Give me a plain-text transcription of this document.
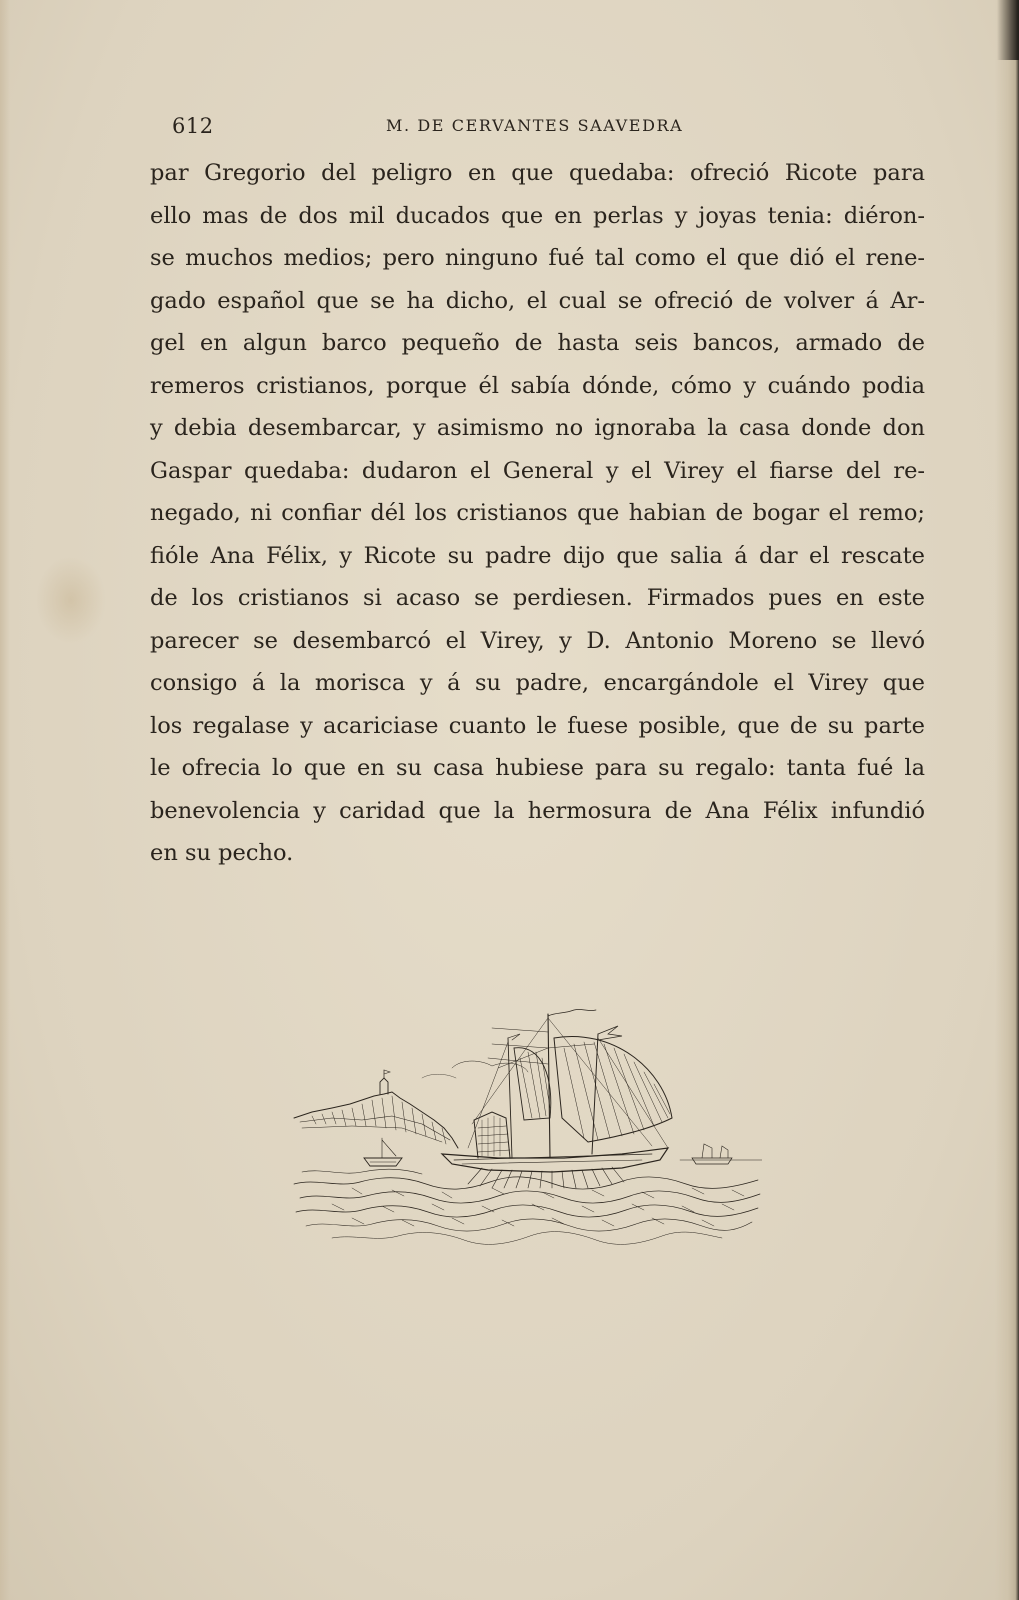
612	M. DE CERVANTES SAAVEDRA
par Gregorio del peligro en que quedaba: ofreció Ricote para
ello mas de dos mil ducados que en perlas y joyas tenia: diéron-
se muchos medios; pero ninguno fué tal como el que dió el rene-
gado español que se ha dicho, el cual se ofreció de volver á Ar-
gel en algun barco pequeño de hasta seis bancos, armado de
remeros cristianos, porque él sabía dónde, cómo y cuándo podia
y debia desembarcar, y asimismo no ignoraba la casa donde don
Gaspar quedaba: dudaron el General y el Virey el fiarse del re-
negado, ni confiar dél los cristianos que habian de bogar el remo;
fióle Ana Félix, y Ricote su padre dijo que salia á dar el rescate
de los cristianos si acaso se perdiesen. Firmados pues en este
parecer se desembarcó el Virey, y D. Antonio Moreno se llevó
consigo á la morisca y á su padre, encargándole el Virey que
los regalase y acariciase cuanto le fuese posible, que de su parte
le ofrecia lo que en su casa hubiese para su regalo: tanta fué la
benevolencia y caridad que la hermosura de Ana Félix infundió
en su pecho.
